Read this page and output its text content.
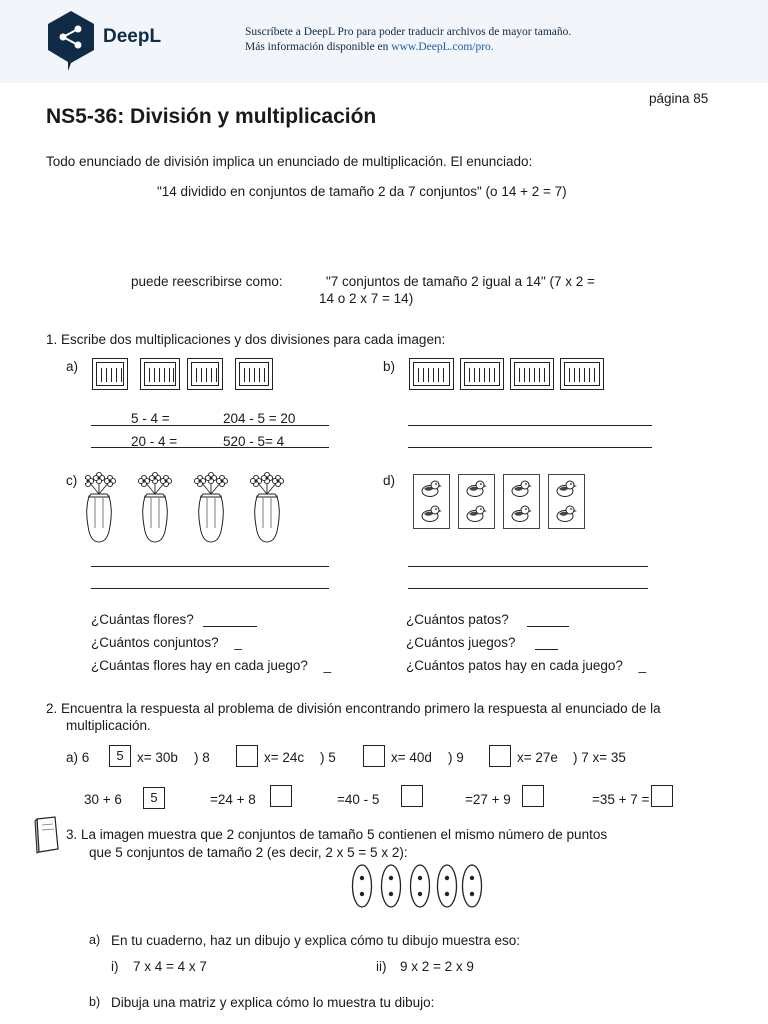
DeepL	Suscríbete a DeepL Pro para poder traducir archivos de mayor tamaño.
Más información disponible en www.DeepL.com/pro.
página 85
NS5-36: División y multiplicación
Todo enunciado de división implica un enunciado de multiplicación. El enunciado:
"14 dividido en conjuntos de tamaño 2 da 7 conjuntos" (o 14 + 2 = 7)
puede reescribirse como:	"7 conjuntos de tamaño 2 igual a 14" (7 x 2 =
14 o 2 x 7 = 14)
1. Escribe dos multiplicaciones y dos divisiones para cada imagen:
a)
5 - 4 =	204 - 5 = 20
20 - 4 =	520 - 5= 4
b)
c)	d)
¿Cuántas flores?
¿Cuántos conjuntos? _
¿Cuántas flores hay en cada juego? _
¿Cuántos patos?
¿Cuántos juegos?
¿Cuántos patos hay en cada juego? _
2. Encuentra la respuesta al problema de división encontrando primero la respuesta al enunciado de la
multiplicación.
a) 6	5 x= 30b ) 8	x= 24c ) 5	x= 40d ) 9	x= 27e ) 7 x= 35
30 + 6	5	=24 + 8	=40 - 5	=27 + 9	=35 + 7 =
3. La imagen muestra que 2 conjuntos de tamaño 5 contienen el mismo número de puntos
que 5 conjuntos de tamaño 2 (es decir, 2 x 5 = 5 x 2):
a) En tu cuaderno, haz un dibujo y explica cómo tu dibujo muestra eso:
i) 7 x 4 = 4 x 7	ii) 9 x 2 = 2 x 9
b) Dibuja una matriz y explica cómo lo muestra tu dibujo:
